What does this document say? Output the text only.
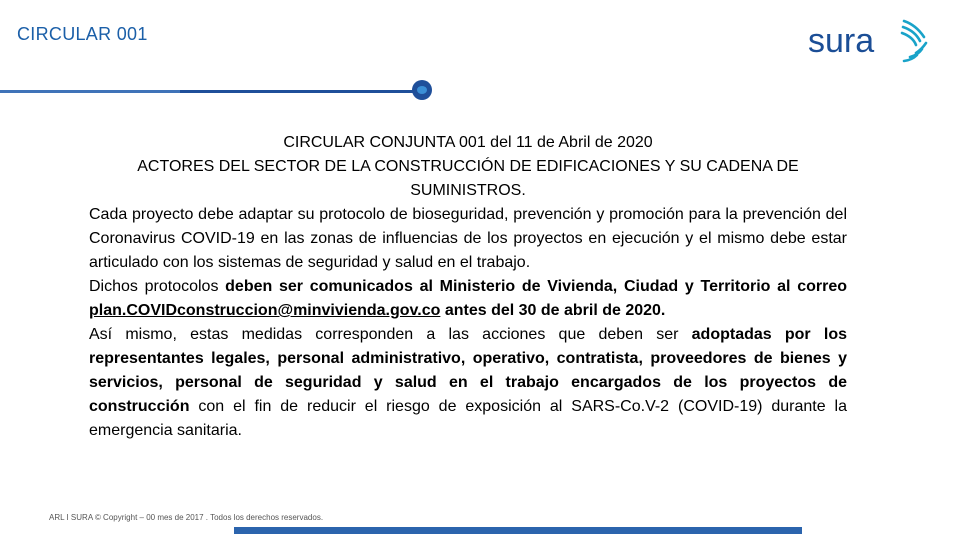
CIRCULAR 001	sura
CIRCULAR CONJUNTA 001 del 11 de Abril de 2020
ACTORES DEL SECTOR DE LA CONSTRUCCIÓN DE EDIFICACIONES Y SU CADENA DE SUMINISTROS.
Cada proyecto debe adaptar su protocolo de bioseguridad, prevención y promoción para la prevención del Coronavirus COVID-19 en las zonas de influencias de los proyectos en ejecución y el mismo debe estar articulado con los sistemas de seguridad y salud en el trabajo.
Dichos protocolos deben ser comunicados al Ministerio de Vivienda, Ciudad y Territorio al correo plan.COVIDconstruccion@minvivienda.gov.co antes del 30 de abril de 2020.
Así mismo, estas medidas corresponden a las acciones que deben ser adoptadas por los representantes legales, personal administrativo, operativo, contratista, proveedores de bienes y servicios, personal de seguridad y salud en el trabajo encargados de los proyectos de construcción con el fin de reducir el riesgo de exposición al SARS-Co.V-2 (COVID-19) durante la emergencia sanitaria.
ARL I SURA © Copyright – 00 mes de 2017 . Todos los derechos reservados.
